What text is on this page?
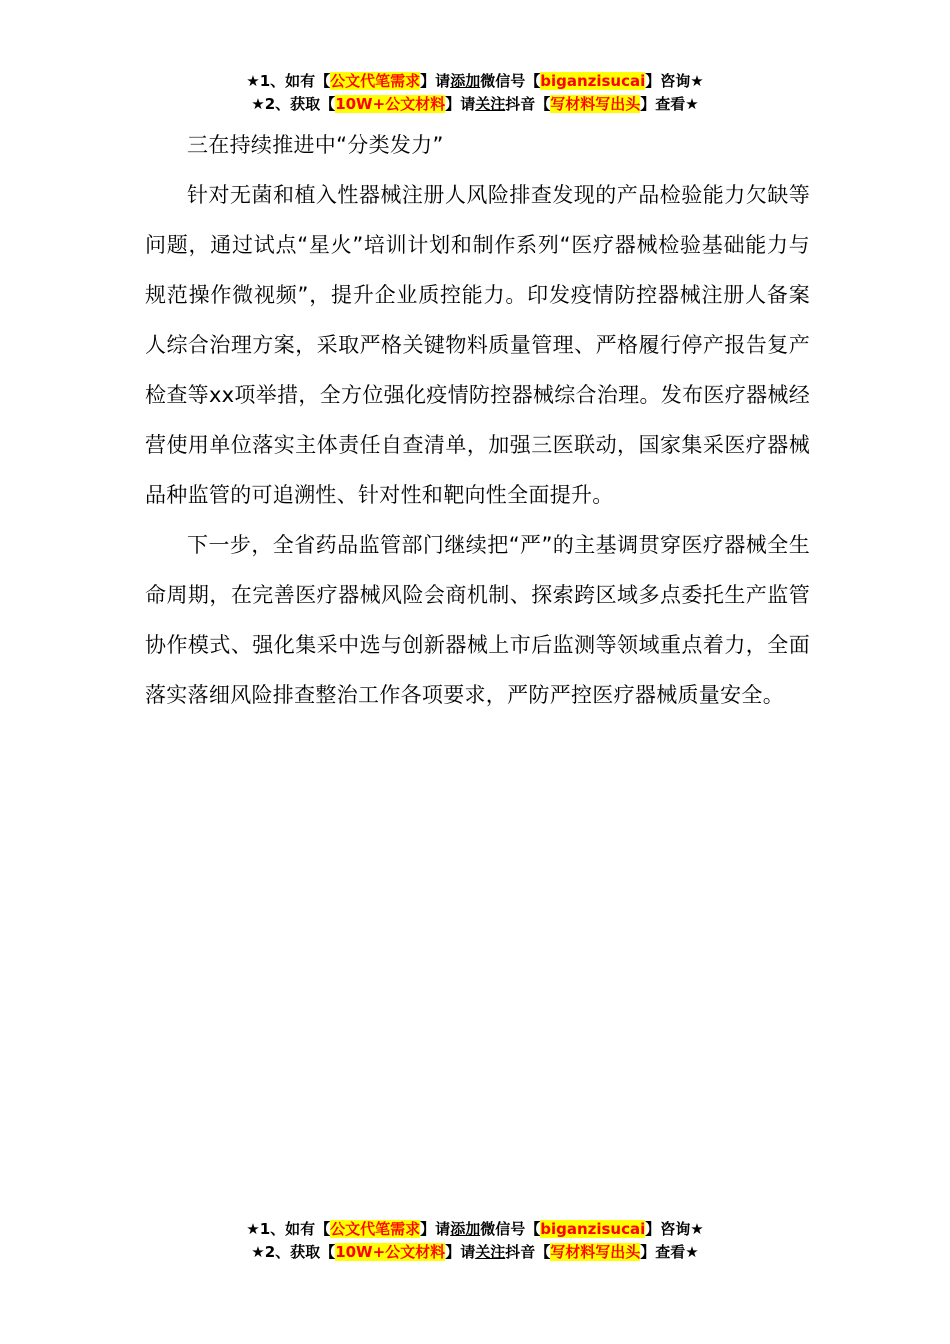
★1、如有【公文代笔需求】请添加微信号【biganzisucai】咨询★
★2、获取【10W+公文材料】请关注抖音【写材料写出头】查看★

三在持续推进中“分类发力”

针对无菌和植入性器械注册人风险排查发现的产品检验能力欠缺等问题，通过试点“星火”培训计划和制作系列“医疗器械检验基础能力与规范操作微视频”，提升企业质控能力。印发疫情防控器械注册人备案人综合治理方案，采取严格关键物料质量管理、严格履行停产报告复产检查等xx项举措，全方位强化疫情防控器械综合治理。发布医疗器械经营使用单位落实主体责任自查清单，加强三医联动，国家集采医疗器械品种监管的可追溯性、针对性和靶向性全面提升。

下一步，全省药品监管部门继续把“严”的主基调贯穿医疗器械全生命周期，在完善医疗器械风险会商机制、探索跨区域多点委托生产监管协作模式、强化集采中选与创新器械上市后监测等领域重点着力，全面落实落细风险排查整治工作各项要求，严防严控医疗器械质量安全。

★1、如有【公文代笔需求】请添加微信号【biganzisucai】咨询★
★2、获取【10W+公文材料】请关注抖音【写材料写出头】查看★
